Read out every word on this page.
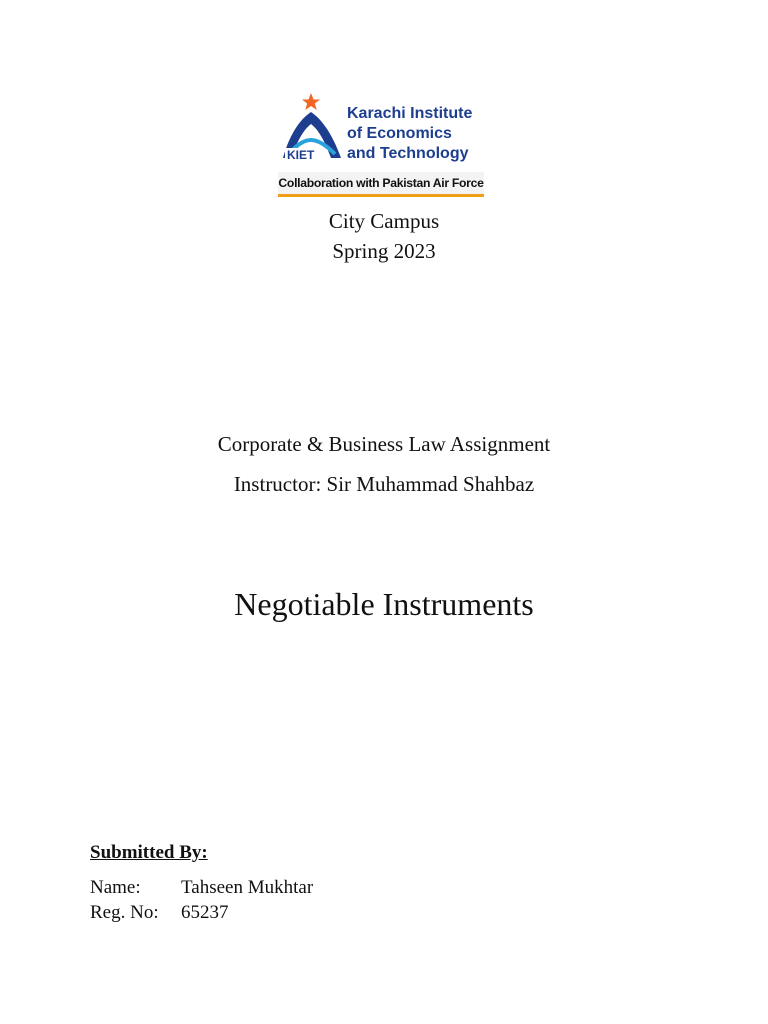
KIET
Karachi Institute
of Economics
and Technology
Collaboration with Pakistan Air Force
City Campus
Spring 2023
Corporate & Business Law Assignment
Instructor: Sir Muhammad Shahbaz
Negotiable Instruments
Submitted By:
Name: Tahseen Mukhtar
Reg. No: 65237
